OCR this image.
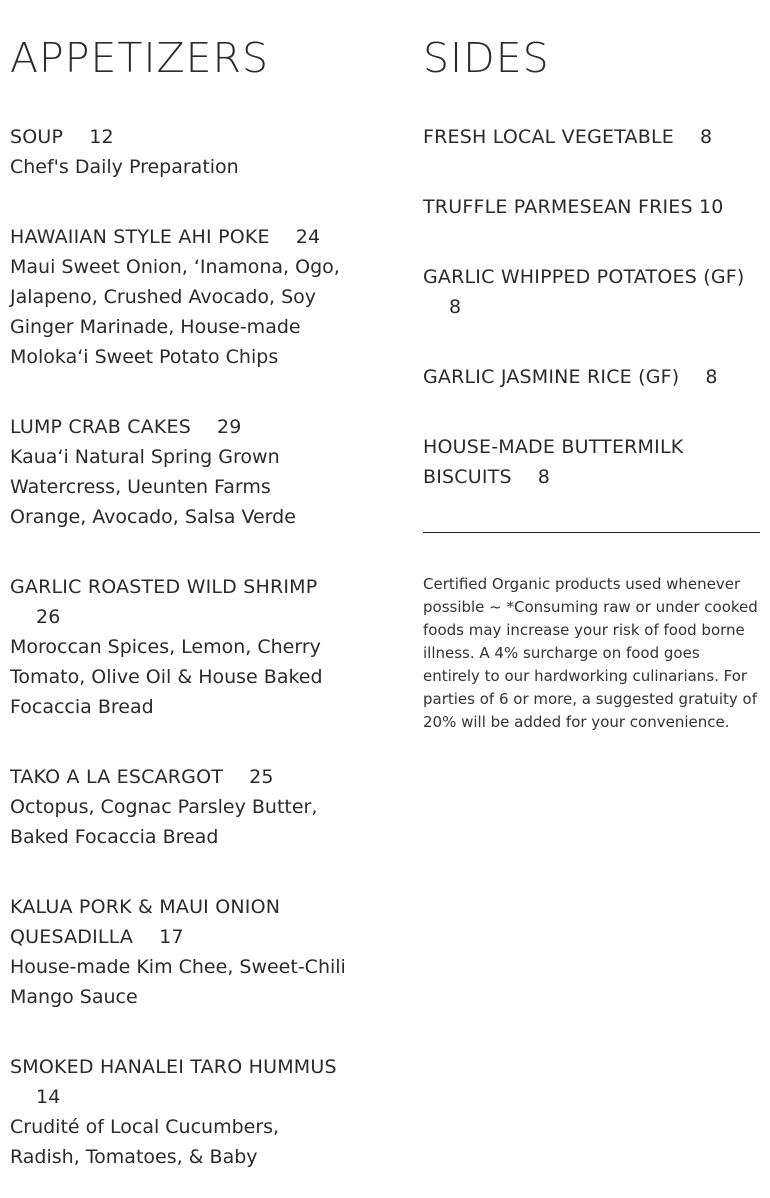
APPETIZERS
SOUP 12
Chef's Daily Preparation
HAWAIIAN STYLE AHI POKE 24
Maui Sweet Onion, ʻInamona, Ogo, Jalapeno, Crushed Avocado, Soy Ginger Marinade, House-made Molokaʻi Sweet Potato Chips
LUMP CRAB CAKES 29
Kauaʻi Natural Spring Grown Watercress, Ueunten Farms Orange, Avocado, Salsa Verde
GARLIC ROASTED WILD SHRIMP26
Moroccan Spices, Lemon, Cherry Tomato, Olive Oil & House Baked Focaccia Bread
TAKO A LA ESCARGOT 25
Octopus, Cognac Parsley Butter, Baked Focaccia Bread
KALUA PORK & MAUI ONION QUESADILLA 17
House-made Kim Chee, Sweet-Chili Mango Sauce
SMOKED HANALEI TARO HUMMUS14
Crudité of Local Cucumbers, Radish, Tomatoes, & Baby
SIDES
FRESH LOCAL VEGETABLE 8
TRUFFLE PARMESEAN FRIES 10
GARLIC WHIPPED POTATOES (GF)8
GARLIC JASMINE RICE (GF) 8
HOUSE-MADE BUTTERMILK BISCUITS 8
Certified Organic products used whenever possible ~ *Consuming raw or under cooked foods may increase your risk of food borne illness. A 4% surcharge on food goes entirely to our hardworking culinarians. For parties of 6 or more, a suggested gratuity of 20% will be added for your convenience.
